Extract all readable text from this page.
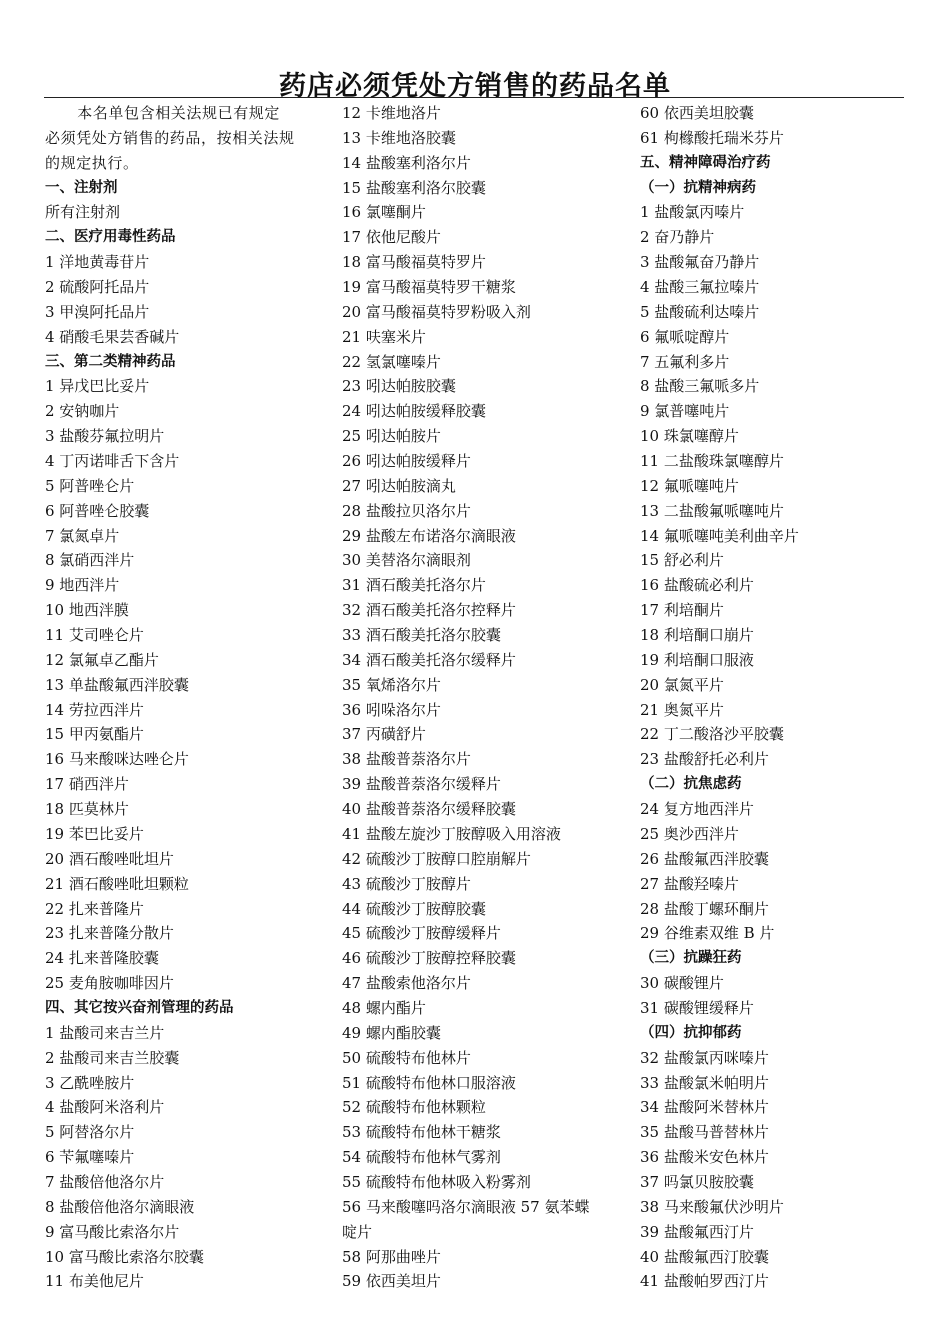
药店必须凭处方销售的药品名单
本名单包含相关法规已有规定
必须凭处方销售的药品，按相关法规
的规定执行。
一、注射剂
所有注射剂
二、医疗用毒性药品
1 洋地黄毒苷片
2 硫酸阿托品片
3 甲溴阿托品片
4 硝酸毛果芸香碱片
三、第二类精神药品
1 异戊巴比妥片
2 安钠咖片
3 盐酸芬氟拉明片
4 丁丙诺啡舌下含片
5 阿普唑仑片
6 阿普唑仑胶囊
7 氯氮卓片
8 氯硝西泮片
9 地西泮片
10 地西泮膜
11 艾司唑仑片
12 氯氟卓乙酯片
13 单盐酸氟西泮胶囊
14 劳拉西泮片
15 甲丙氨酯片
16 马来酸咪达唑仑片
17 硝西泮片
18 匹莫林片
19 苯巴比妥片
20 酒石酸唑吡坦片
21 酒石酸唑吡坦颗粒
22 扎来普隆片
23 扎来普隆分散片
24 扎来普隆胶囊
25 麦角胺咖啡因片
四、其它按兴奋剂管理的药品
1 盐酸司来吉兰片
2 盐酸司来吉兰胶囊
3 乙酰唑胺片
4 盐酸阿米洛利片
5 阿替洛尔片
6 苄氟噻嗪片
7 盐酸倍他洛尔片
8 盐酸倍他洛尔滴眼液
9 富马酸比索洛尔片
10 富马酸比索洛尔胶囊
11 布美他尼片
12 卡维地洛片
13 卡维地洛胶囊
14 盐酸塞利洛尔片
15 盐酸塞利洛尔胶囊
16 氯噻酮片
17 依他尼酸片
18 富马酸福莫特罗片
19 富马酸福莫特罗干糖浆
20 富马酸福莫特罗粉吸入剂
21 呋塞米片
22 氢氯噻嗪片
23 吲达帕胺胶囊
24 吲达帕胺缓释胶囊
25 吲达帕胺片
26 吲达帕胺缓释片
27 吲达帕胺滴丸
28 盐酸拉贝洛尔片
29 盐酸左布诺洛尔滴眼液
30 美替洛尔滴眼剂
31 酒石酸美托洛尔片
32 酒石酸美托洛尔控释片
33 酒石酸美托洛尔胶囊
34 酒石酸美托洛尔缓释片
35 氧烯洛尔片
36 吲哚洛尔片
37 丙磺舒片
38 盐酸普萘洛尔片
39 盐酸普萘洛尔缓释片
40 盐酸普萘洛尔缓释胶囊
41 盐酸左旋沙丁胺醇吸入用溶液
42 硫酸沙丁胺醇口腔崩解片
43 硫酸沙丁胺醇片
44 硫酸沙丁胺醇胶囊
45 硫酸沙丁胺醇缓释片
46 硫酸沙丁胺醇控释胶囊
47 盐酸索他洛尔片
48 螺内酯片
49 螺内酯胶囊
50 硫酸特布他林片
51 硫酸特布他林口服溶液
52 硫酸特布他林颗粒
53 硫酸特布他林干糖浆
54 硫酸特布他林气雾剂
55 硫酸特布他林吸入粉雾剂
56 马来酸噻吗洛尔滴眼液 57 氨苯蝶
啶片
58 阿那曲唑片
59 依西美坦片
60 依西美坦胶囊
61 枸橼酸托瑞米芬片
五、精神障碍治疗药
（一）抗精神病药
1 盐酸氯丙嗪片
2 奋乃静片
3 盐酸氟奋乃静片
4 盐酸三氟拉嗪片
5 盐酸硫利达嗪片
6 氟哌啶醇片
7 五氟利多片
8 盐酸三氟哌多片
9 氯普噻吨片
10 珠氯噻醇片
11 二盐酸珠氯噻醇片
12 氟哌噻吨片
13 二盐酸氟哌噻吨片
14 氟哌噻吨美利曲辛片
15 舒必利片
16 盐酸硫必利片
17 利培酮片
18 利培酮口崩片
19 利培酮口服液
20 氯氮平片
21 奥氮平片
22 丁二酸洛沙平胶囊
23 盐酸舒托必利片
（二）抗焦虑药
24 复方地西泮片
25 奥沙西泮片
26 盐酸氟西泮胶囊
27 盐酸羟嗪片
28 盐酸丁螺环酮片
29 谷维素双维 B 片
（三）抗躁狂药
30 碳酸锂片
31 碳酸锂缓释片
（四）抗抑郁药
32 盐酸氯丙咪嗪片
33 盐酸氯米帕明片
34 盐酸阿米替林片
35 盐酸马普替林片
36 盐酸米安色林片
37 吗氯贝胺胶囊
38 马来酸氟伏沙明片
39 盐酸氟西汀片
40 盐酸氟西汀胶囊
41 盐酸帕罗西汀片
